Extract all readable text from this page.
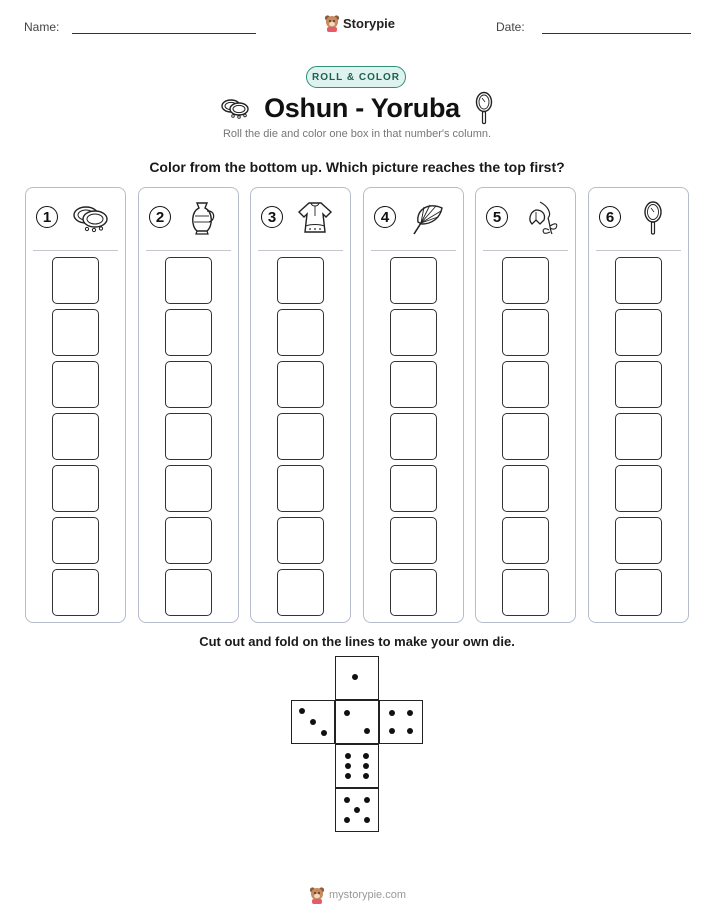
Name:	Storypie	Date:
ROLL & COLOR
Oshun - Yoruba
Roll the die and color one box in that number's column.
Color from the bottom up. Which picture reaches the top first?
1	2	3	4	5	6
Cut out and fold on the lines to make your own die.
mystorypie.com
